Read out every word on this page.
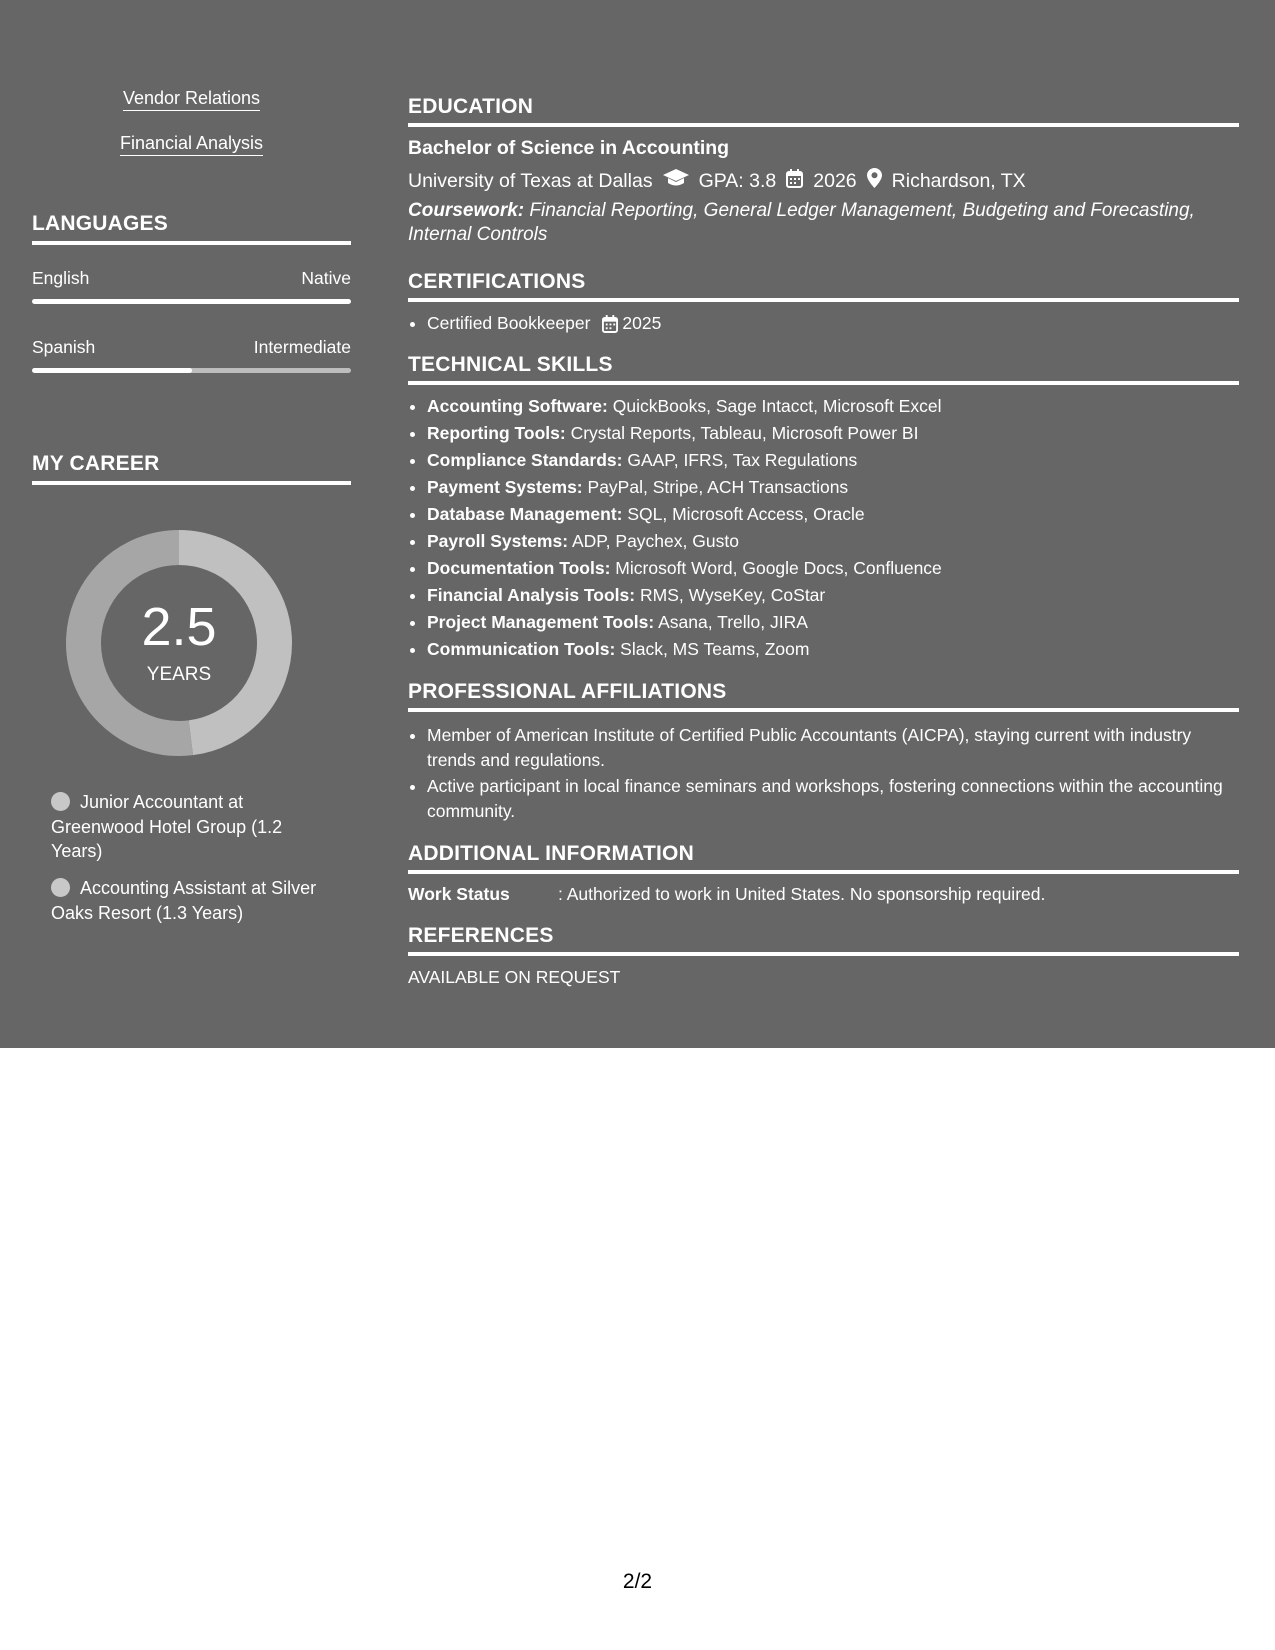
Vendor Relations
Financial Analysis
LANGUAGES
English	Native
Spanish	Intermediate
MY CAREER
2.5
YEARS
Junior Accountant at Greenwood Hotel Group (1.2 Years)
Accounting Assistant at Silver Oaks Resort (1.3 Years)
EDUCATION
Bachelor of Science in Accounting
University of Texas at Dallas GPA: 3.8 2026 Richardson, TX
Coursework: Financial Reporting, General Ledger Management, Budgeting and Forecasting, Internal Controls
CERTIFICATIONS
• Certified Bookkeeper 2025
TECHNICAL SKILLS
• Accounting Software: QuickBooks, Sage Intacct, Microsoft Excel
• Reporting Tools: Crystal Reports, Tableau, Microsoft Power BI
• Compliance Standards: GAAP, IFRS, Tax Regulations
• Payment Systems: PayPal, Stripe, ACH Transactions
• Database Management: SQL, Microsoft Access, Oracle
• Payroll Systems: ADP, Paychex, Gusto
• Documentation Tools: Microsoft Word, Google Docs, Confluence
• Financial Analysis Tools: RMS, WyseKey, CoStar
• Project Management Tools: Asana, Trello, JIRA
• Communication Tools: Slack, MS Teams, Zoom
PROFESSIONAL AFFILIATIONS
• Member of American Institute of Certified Public Accountants (AICPA), staying current with industry trends and regulations.
• Active participant in local finance seminars and workshops, fostering connections within the accounting community.
ADDITIONAL INFORMATION
Work Status	: Authorized to work in United States. No sponsorship required.
REFERENCES
AVAILABLE ON REQUEST
2/2
